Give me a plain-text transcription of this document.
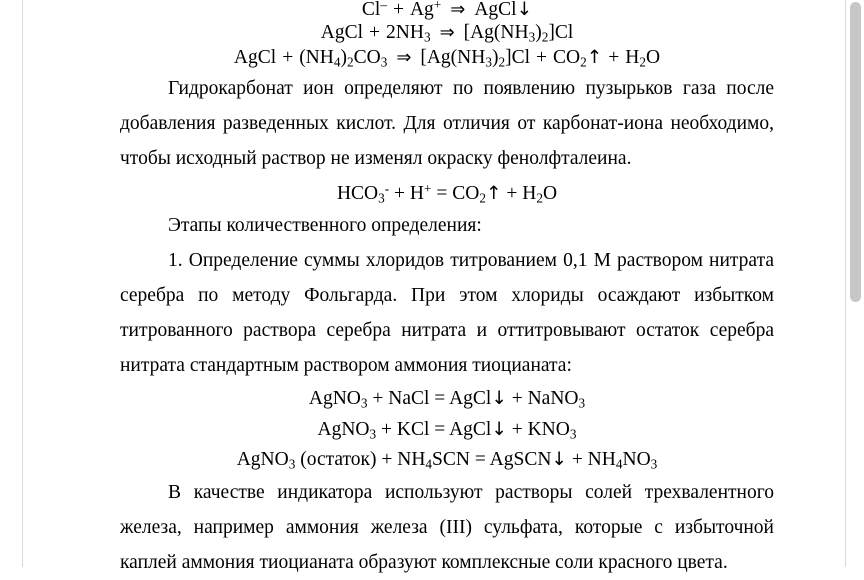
Cl– + Ag+ ⇒ AgCl↓
AgCl + $2NH_3$ ⇒ $[Ag(NH_3)_2]Cl$
AgCl + $(NH_4)_2CO_3$ ⇒ $[Ag(NH_3)_2]Cl$ + $CO_2↑ + H_2O$

Гидрокарбонат ион определяют по появлению пузырьков газа после добавления разведенных кислот. Для отличия от карбонат-иона необходимо, чтобы исходный раствор не изменял окраску фенолфталеина.

$HCO_3^- + H^+$ = $CO_2↑ + H_2O$

Этапы количественного определения:

1. Определение суммы хлоридов титрованием 0,1 М раствором нитрата серебра по методу Фольгарда. При этом хлориды осаждают избытком титрованного раствора серебра нитрата и оттитровывают остаток серебра нитрата стандартным раствором аммония тиоцианата:

AgNO$_3$ + NaCl = AgCl↓ + NaNO$_3$
AgNO$_3$ + KCl = AgCl↓ + $KNO_3$
AgNO$_3$ (остаток) + $NH_4SCN$ = AgSCN↓ + $NH_4NO_3$

В качестве индикатора используют растворы солей трехвалентного железа, например аммония железа (III) сульфата, которые с избыточной каплей аммония тиоцианата образуют комплексные соли красного цвета.
